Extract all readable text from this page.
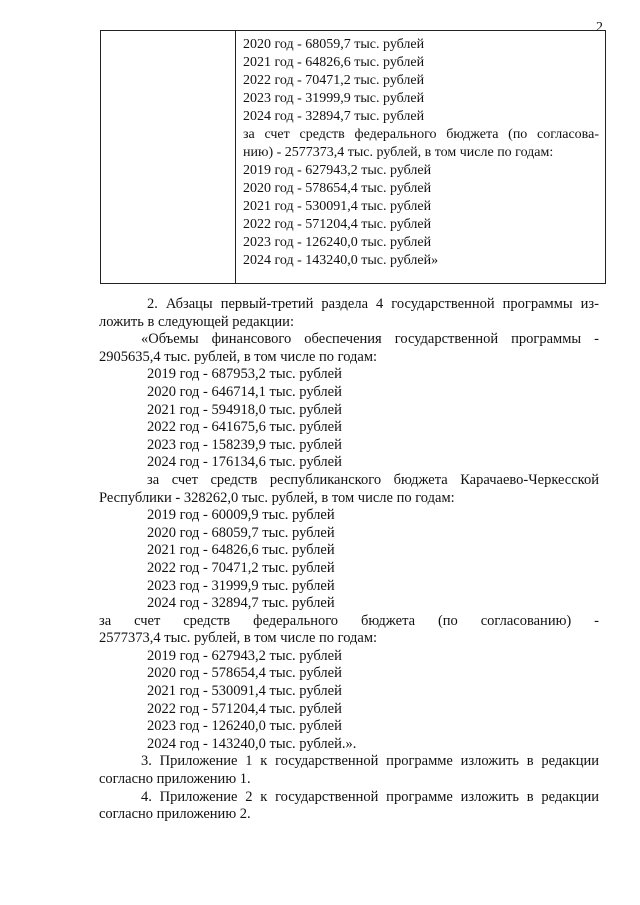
2
2020 год - 68059,7 тыс. рублей
2021 год - 64826,6 тыс. рублей
2022 год - 70471,2 тыс. рублей
2023 год - 31999,9 тыс. рублей
2024 год - 32894,7 тыс. рублей
за счет средств федерального бюджета (по согласова-
нию) - 2577373,4 тыс. рублей, в том числе по годам:
2019 год - 627943,2 тыс. рублей
2020 год - 578654,4 тыс. рублей
2021 год - 530091,4 тыс. рублей
2022 год - 571204,4 тыс. рублей
2023 год - 126240,0 тыс. рублей
2024 год - 143240,0 тыс. рублей»
2. Абзацы первый-третий раздела 4 государственной программы из-
ложить в следующей редакции:
«Объемы финансового обеспечения государственной программы -
2905635,4 тыс. рублей, в том числе по годам:
2019 год - 687953,2 тыс. рублей
2020 год - 646714,1 тыс. рублей
2021 год - 594918,0 тыс. рублей
2022 год - 641675,6 тыс. рублей
2023 год - 158239,9 тыс. рублей
2024 год - 176134,6 тыс. рублей
за счет средств республиканского бюджета Карачаево-Черкесской
Республики - 328262,0 тыс. рублей, в том числе по годам:
2019 год - 60009,9 тыс. рублей
2020 год - 68059,7 тыс. рублей
2021 год - 64826,6 тыс. рублей
2022 год - 70471,2 тыс. рублей
2023 год - 31999,9 тыс. рублей
2024 год - 32894,7 тыс. рублей
за счет средств федерального бюджета (по согласованию) -
2577373,4 тыс. рублей, в том числе по годам:
2019 год - 627943,2 тыс. рублей
2020 год - 578654,4 тыс. рублей
2021 год - 530091,4 тыс. рублей
2022 год - 571204,4 тыс. рублей
2023 год - 126240,0 тыс. рублей
2024 год - 143240,0 тыс. рублей.».
3. Приложение 1 к государственной программе изложить в редакции
согласно приложению 1.
4. Приложение 2 к государственной программе изложить в редакции
согласно приложению 2.
